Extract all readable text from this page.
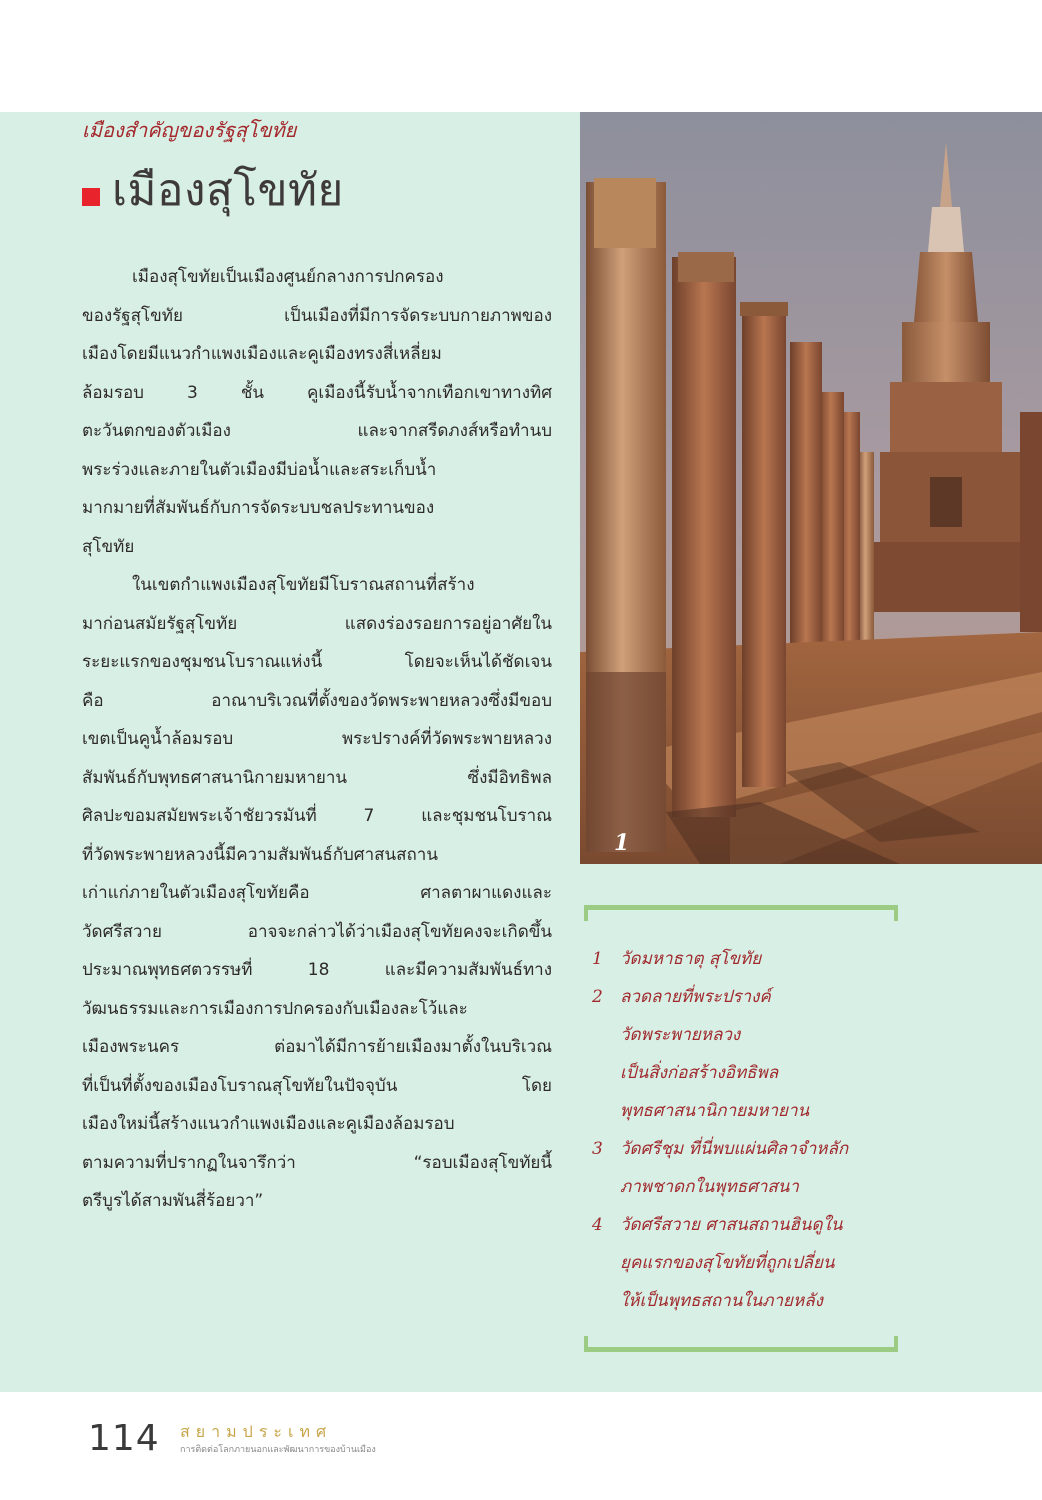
เมืองสำคัญของรัฐสุโขทัย
เมืองสุโขทัย

เมืองสุโขทัยเป็นเมืองศูนย์กลางการปกครอง
ของรัฐสุโขทัย เป็นเมืองที่มีการจัดระบบกายภาพของ
เมืองโดยมีแนวกำแพงเมืองและคูเมืองทรงสี่เหลี่ยม
ล้อมรอบ 3 ชั้น คูเมืองนี้รับน้ำจากเทือกเขาทางทิศ
ตะวันตกของตัวเมือง และจากสรีดภงส์หรือทำนบ
พระร่วงและภายในตัวเมืองมีบ่อน้ำและสระเก็บน้ำ
มากมายที่สัมพันธ์กับการจัดระบบชลประทานของ
สุโขทัย

ในเขตกำแพงเมืองสุโขทัยมีโบราณสถานที่สร้าง
มาก่อนสมัยรัฐสุโขทัย แสดงร่องรอยการอยู่อาศัยใน
ระยะแรกของชุมชนโบราณแห่งนี้ โดยจะเห็นได้ชัดเจน
คือ อาณาบริเวณที่ตั้งของวัดพระพายหลวงซึ่งมีขอบ
เขตเป็นคูน้ำล้อมรอบ พระปรางค์ที่วัดพระพายหลวง
สัมพันธ์กับพุทธศาสนานิกายมหายาน ซึ่งมีอิทธิพล
ศิลปะขอมสมัยพระเจ้าชัยวรมันที่ 7 และชุมชนโบราณ
ที่วัดพระพายหลวงนี้มีความสัมพันธ์กับศาสนสถาน
เก่าแก่ภายในตัวเมืองสุโขทัยคือ ศาลตาผาแดงและ
วัดศรีสวาย อาจจะกล่าวได้ว่าเมืองสุโขทัยคงจะเกิดขึ้น
ประมาณพุทธศตวรรษที่ 18 และมีความสัมพันธ์ทาง
วัฒนธรรมและการเมืองการปกครองกับเมืองละโว้และ
เมืองพระนคร ต่อมาได้มีการย้ายเมืองมาตั้งในบริเวณ
ที่เป็นที่ตั้งของเมืองโบราณสุโขทัยในปัจจุบัน โดย
เมืองใหม่นี้สร้างแนวกำแพงเมืองและคูเมืองล้อมรอบ
ตามความที่ปรากฏในจารึกว่า “รอบเมืองสุโขทัยนี้
ตรีบูรได้สามพันสี่ร้อยวา”

1
1	วัดมหาธาตุ สุโขทัย
2	ลวดลายที่พระปรางค์
วัดพระพายหลวง
เป็นสิ่งก่อสร้างอิทธิพล
พุทธศาสนานิกายมหายาน
3	วัดศรีชุม ที่นี่พบแผ่นศิลาจำหลัก
ภาพชาดกในพุทธศาสนา
4	วัดศรีสวาย ศาสนสถานฮินดูใน
ยุคแรกของสุโขทัยที่ถูกเปลี่ยน
ให้เป็นพุทธสถานในภายหลัง
114 สยามประเทศ
การติดต่อโลกภายนอกและพัฒนาการของบ้านเมือง
